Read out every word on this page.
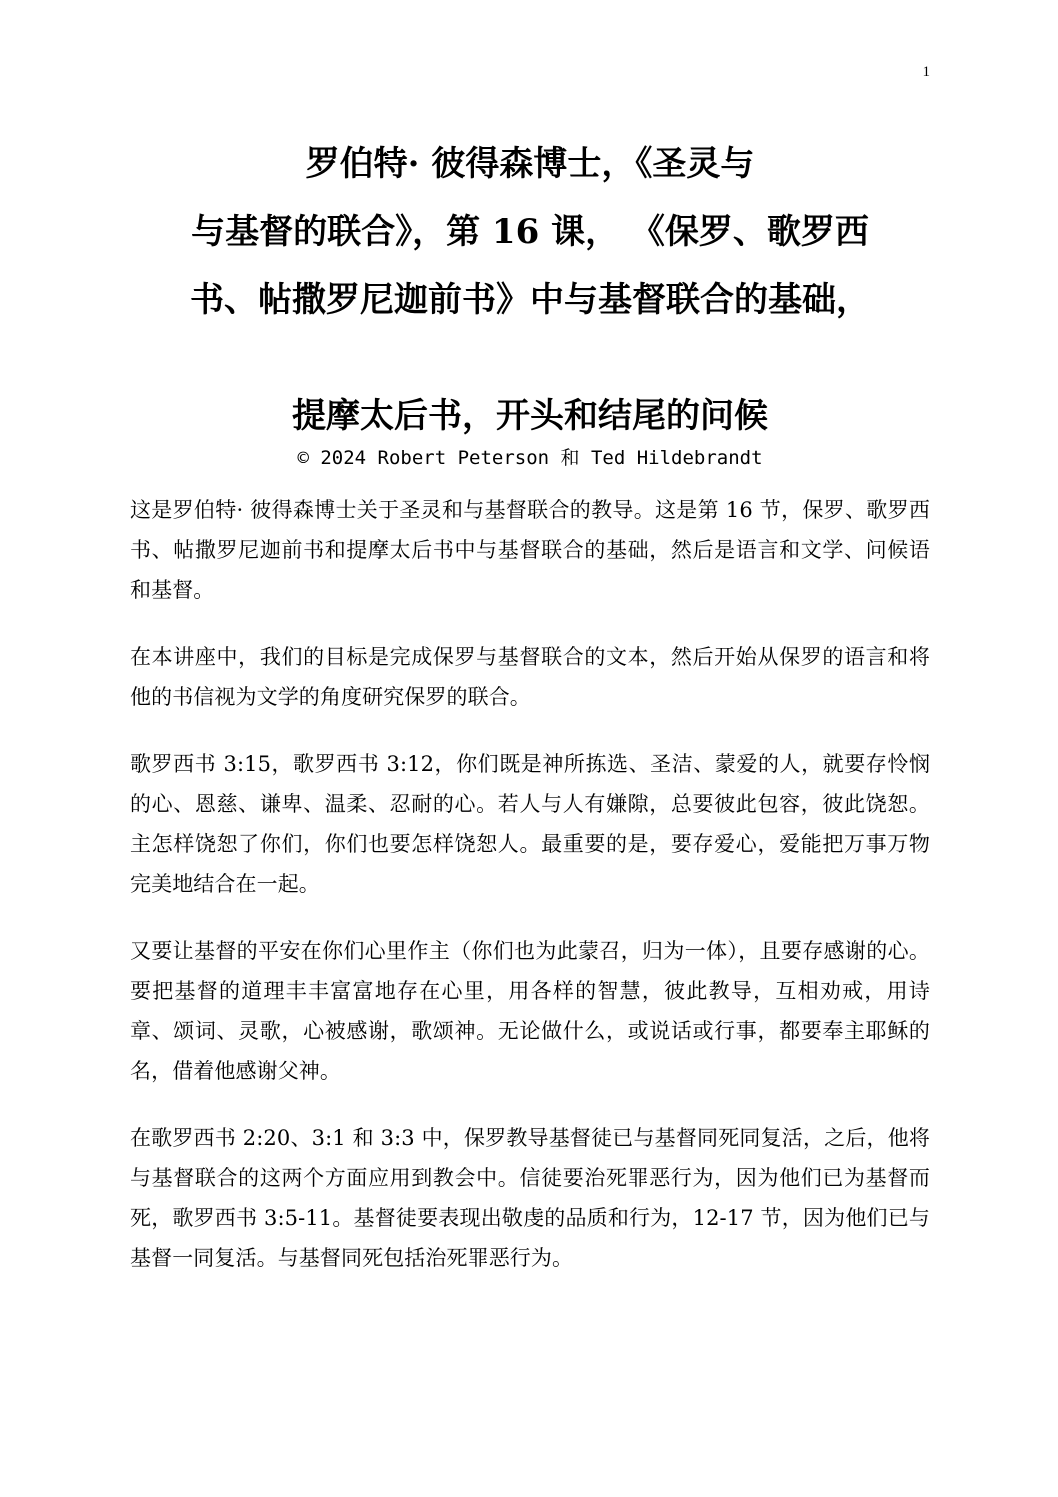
1
罗伯特· 彼得森博士，《圣灵与
与基督的联合》，第 16 课， 《保罗、歌罗西
书、帖撒罗尼迦前书》中与基督联合的基础，
提摩太后书，开头和结尾的问候
© 2024 Robert Peterson 和 Ted Hildebrandt

这是罗伯特· 彼得森博士关于圣灵和与基督联合的教导。这是第 16 节，保罗、歌罗西书、帖撒罗尼迦前书和提摩太后书中与基督联合的基础，然后是语言和文学、问候语和基督。

在本讲座中，我们的目标是完成保罗与基督联合的文本，然后开始从保罗的语言和将他的书信视为文学的角度研究保罗的联合。

歌罗西书 3:15，歌罗西书 3:12，你们既是神所拣选、圣洁、蒙爱的人，就要存怜悯的心、恩慈、谦卑、温柔、忍耐的心。若人与人有嫌隙，总要彼此包容，彼此饶恕。主怎样饶恕了你们，你们也要怎样饶恕人。最重要的是，要存爱心，爱能把万事万物完美地结合在一起。

又要让基督的平安在你们心里作主（你们也为此蒙召，归为一体），且要存感谢的心。要把基督的道理丰丰富富地存在心里，用各样的智慧，彼此教导，互相劝戒，用诗章、颂词、灵歌，心被感谢，歌颂神。无论做什么，或说话或行事，都要奉主耶稣的名，借着他感谢父神。

在歌罗西书 2:20、3:1 和 3:3 中，保罗教导基督徒已与基督同死同复活，之后，他将与基督联合的这两个方面应用到教会中。信徒要治死罪恶行为，因为他们已为基督而死，歌罗西书 3:5-11。基督徒要表现出敬虔的品质和行为，12-17 节，因为他们已与基督一同复活。与基督同死包括治死罪恶行为。
